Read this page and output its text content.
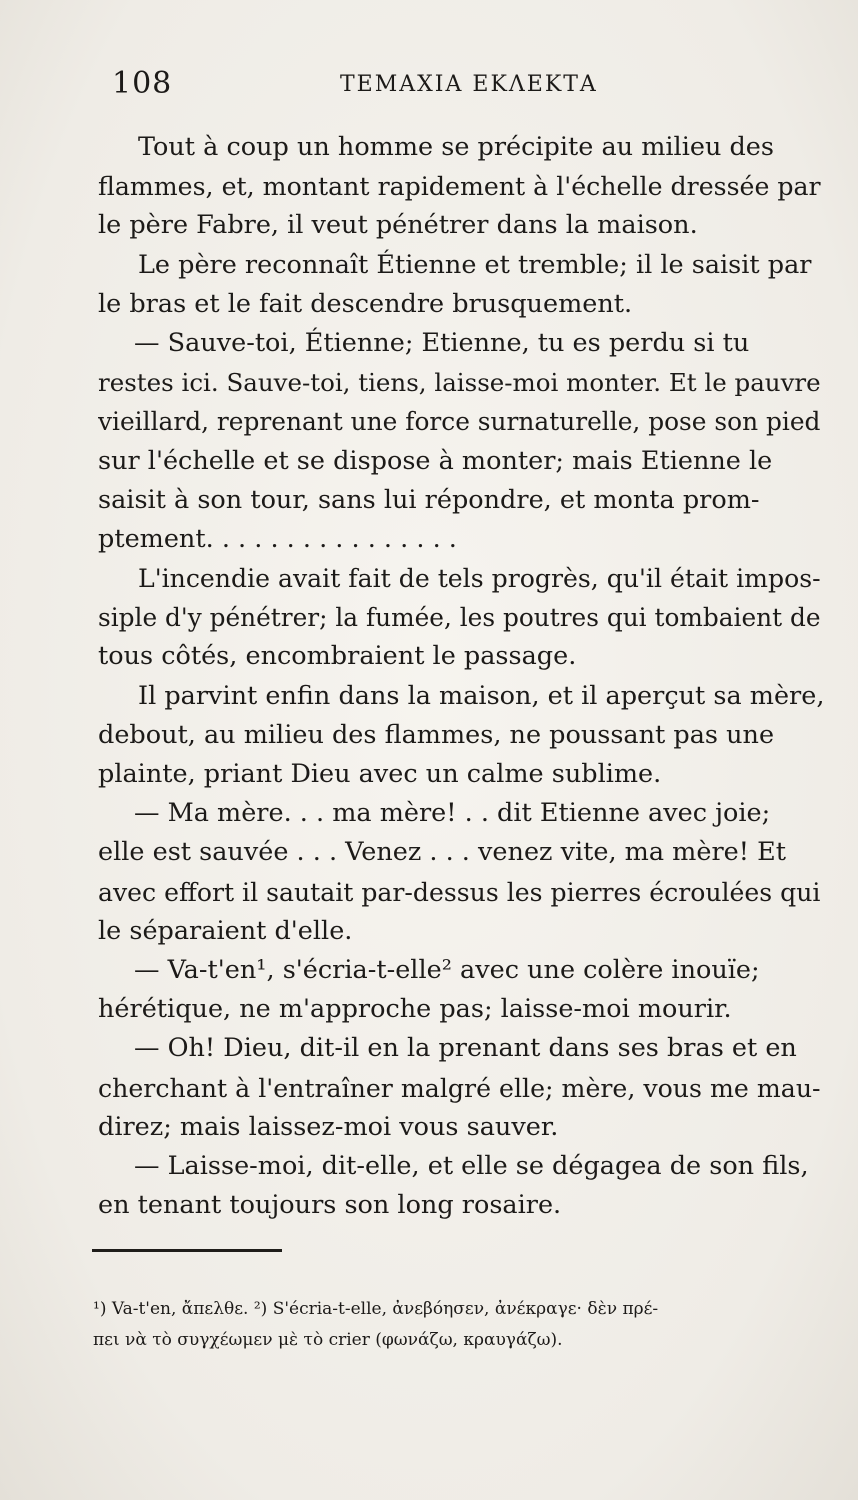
108	ΤΕΜΑΧΙΑ ΕΚΛΕΚΤΑ
Tout à coup un homme se précipite au milieu des
flammes, et, montant rapidement à l'échelle dressée par
le père Fabre, il veut pénétrer dans la maison.
Le père reconnaît Étienne et tremble; il le saisit par
le bras et le fait descendre brusquement.
— Sauve-toi, Étienne; Etienne, tu es perdu si tu
restes ici. Sauve-toi, tiens, laisse-moi monter. Et le pauvre
vieillard, reprenant une force surnaturelle, pose son pied
sur l'échelle et se dispose à monter; mais Etienne le
saisit à son tour, sans lui répondre, et monta prom-
ptement. . . . . . . . . . . . . . . .
L'incendie avait fait de tels progrès, qu'il était impos-
siple d'y pénétrer; la fumée, les poutres qui tombaient de
tous côtés, encombraient le passage.
Il parvint enfin dans la maison, et il aperçut sa mère,
debout, au milieu des flammes, ne poussant pas une
plainte, priant Dieu avec un calme sublime.
— Ma mère. . . ma mère! . . dit Etienne avec joie;
elle est sauvée . . . Venez . . . venez vite, ma mère! Et
avec effort il sautait par-dessus les pierres écroulées qui
le séparaient d'elle.
— Va-t'en¹, s'écria-t-elle² avec une colère inouïe;
hérétique, ne m'approche pas; laisse-moi mourir.
— Oh! Dieu, dit-il en la prenant dans ses bras et en
cherchant à l'entraîner malgré elle; mère, vous me mau-
direz; mais laissez-moi vous sauver.
— Laisse-moi, dit-elle, et elle se dégagea de son fils,
en tenant toujours son long rosaire.
¹) Va-t'en, ἄπελθε. ²) S'écria-t-elle, ἀνεβόησεν, ἀνέκραγε· δὲν πρέ-
πει νὰ τὸ συγχέωμεν μὲ τὸ crier (φωνάζω, κραυγάζω).
